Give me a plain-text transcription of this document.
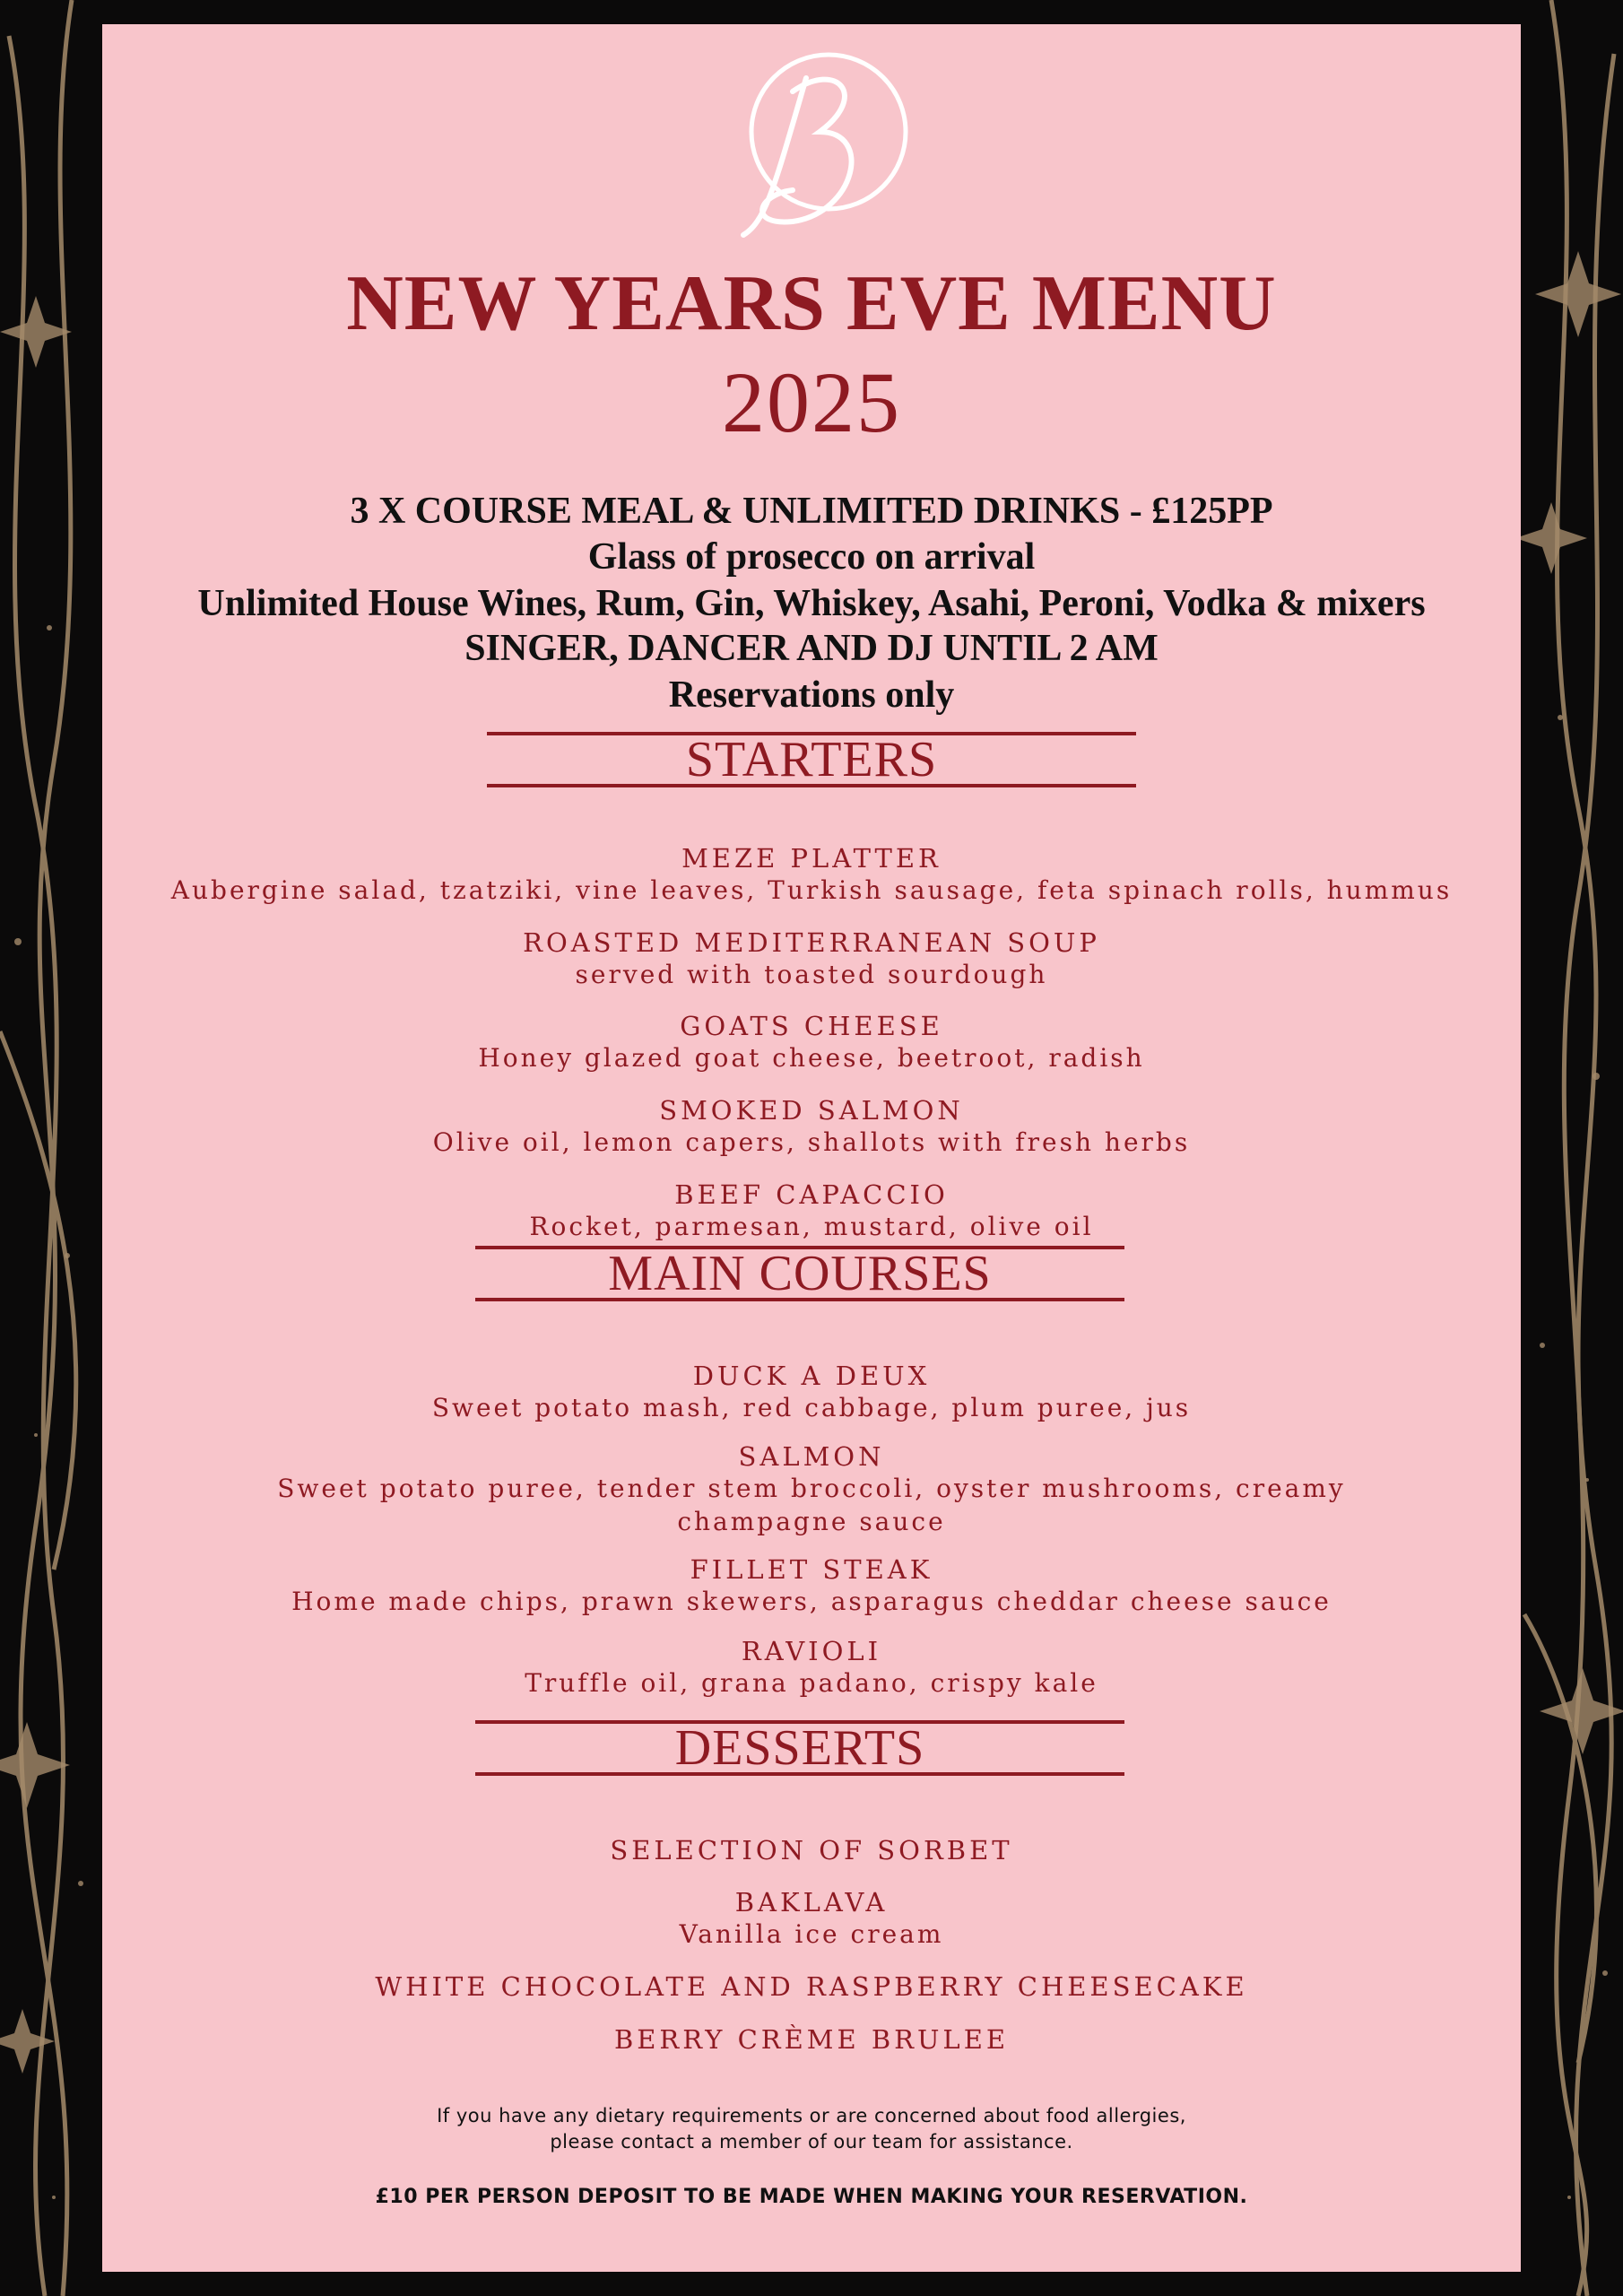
NEW YEARS EVE MENU
2025
3 X COURSE MEAL & UNLIMITED DRINKS - £125PP
Glass of prosecco on arrival
Unlimited House Wines, Rum, Gin, Whiskey, Asahi, Peroni, Vodka & mixers
SINGER, DANCER AND DJ UNTIL 2 AM
Reservations only
STARTERS
MEZE PLATTER
Aubergine salad, tzatziki, vine leaves, Turkish sausage, feta spinach rolls, hummus
ROASTED MEDITERRANEAN SOUP
served with toasted sourdough
GOATS CHEESE
Honey glazed goat cheese, beetroot, radish
SMOKED SALMON
Olive oil, lemon capers, shallots with fresh herbs
BEEF CAPACCIO
Rocket, parmesan, mustard, olive oil
MAIN COURSES
DUCK A DEUX
Sweet potato mash, red cabbage, plum puree, jus
SALMON
Sweet potato puree, tender stem broccoli, oyster mushrooms, creamy
champagne sauce
FILLET STEAK
Home made chips, prawn skewers, asparagus cheddar cheese sauce
RAVIOLI
Truffle oil, grana padano, crispy kale
DESSERTS
SELECTION OF SORBET
BAKLAVA
Vanilla ice cream
WHITE CHOCOLATE AND RASPBERRY CHEESECAKE
BERRY CRÈME BRULEE
If you have any dietary requirements or are concerned about food allergies,
please contact a member of our team for assistance.
£10 PER PERSON DEPOSIT TO BE MADE WHEN MAKING YOUR RESERVATION.
